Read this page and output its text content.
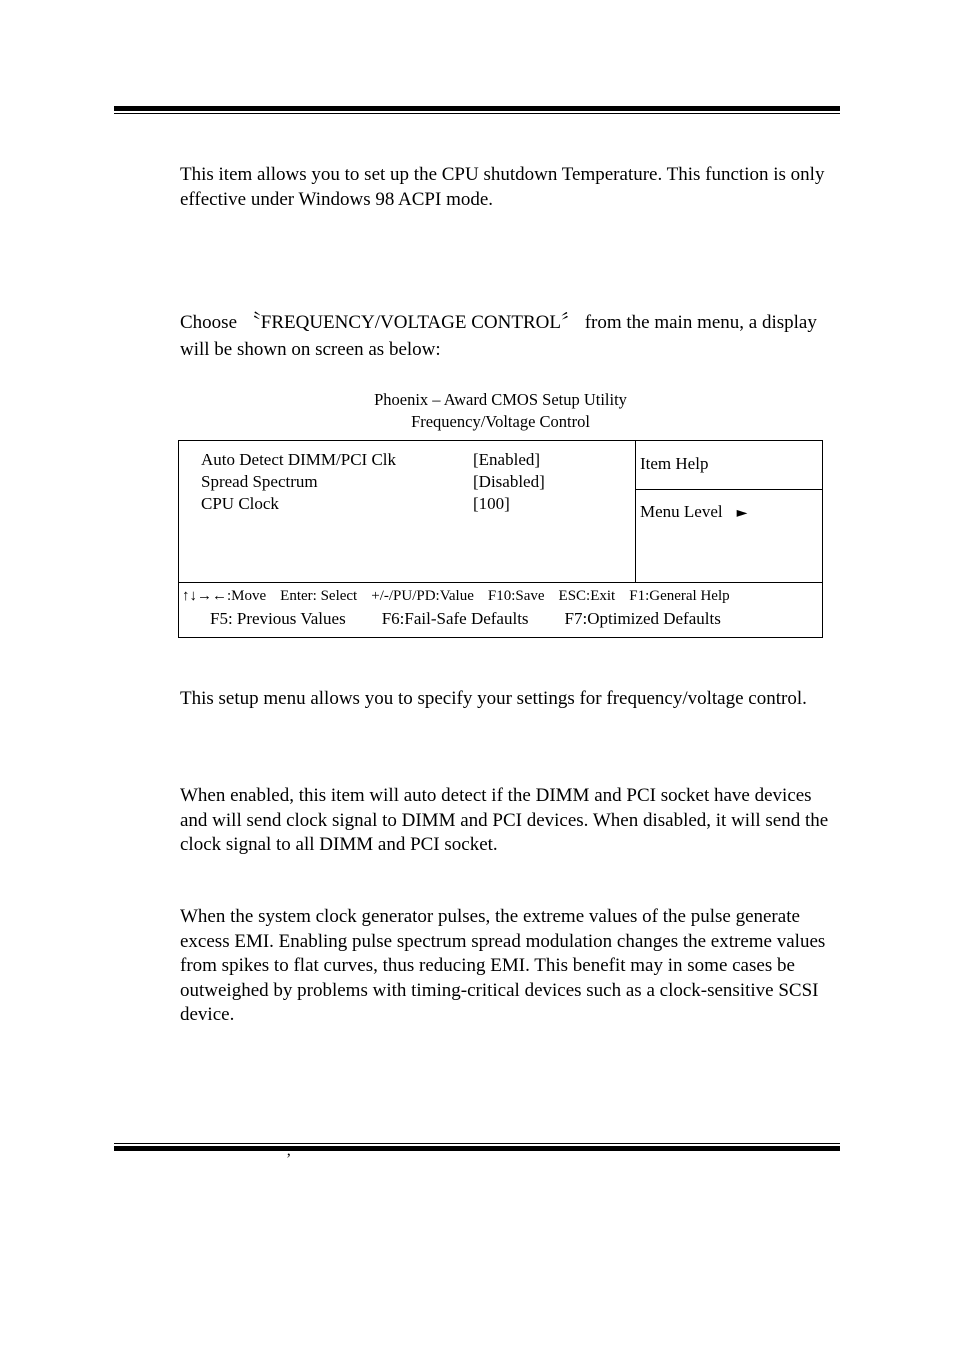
This item allows you to set up the CPU shutdown Temperature. This function is only effective under Windows 98 ACPI mode.

Choose 〝FREQUENCY/VOLTAGE CONTROL〞 from the main menu, a display will be shown on screen as below:

Phoenix – Award CMOS Setup Utility
Frequency/Voltage Control
Auto Detect DIMM/PCI Clk	[Enabled]
Spread Spectrum	[Disabled]
CPU Clock	[100]
Item Help
Menu Level ►
↑↓→←:Move Enter: Select +/-/PU/PD:Value F10:Save ESC:Exit F1:General Help
F5: Previous Values F6:Fail-Safe Defaults F7:Optimized Defaults

This setup menu allows you to specify your settings for frequency/voltage control.

When enabled, this item will auto detect if the DIMM and PCI socket have devices and will send clock signal to DIMM and PCI devices. When disabled, it will send the clock signal to all DIMM and PCI socket.

When the system clock generator pulses, the extreme values of the pulse generate excess EMI. Enabling pulse spectrum spread modulation changes the extreme values from spikes to flat curves, thus reducing EMI. This benefit may in some cases be outweighed by problems with timing-critical devices such as a clock-sensitive SCSI device.

’
